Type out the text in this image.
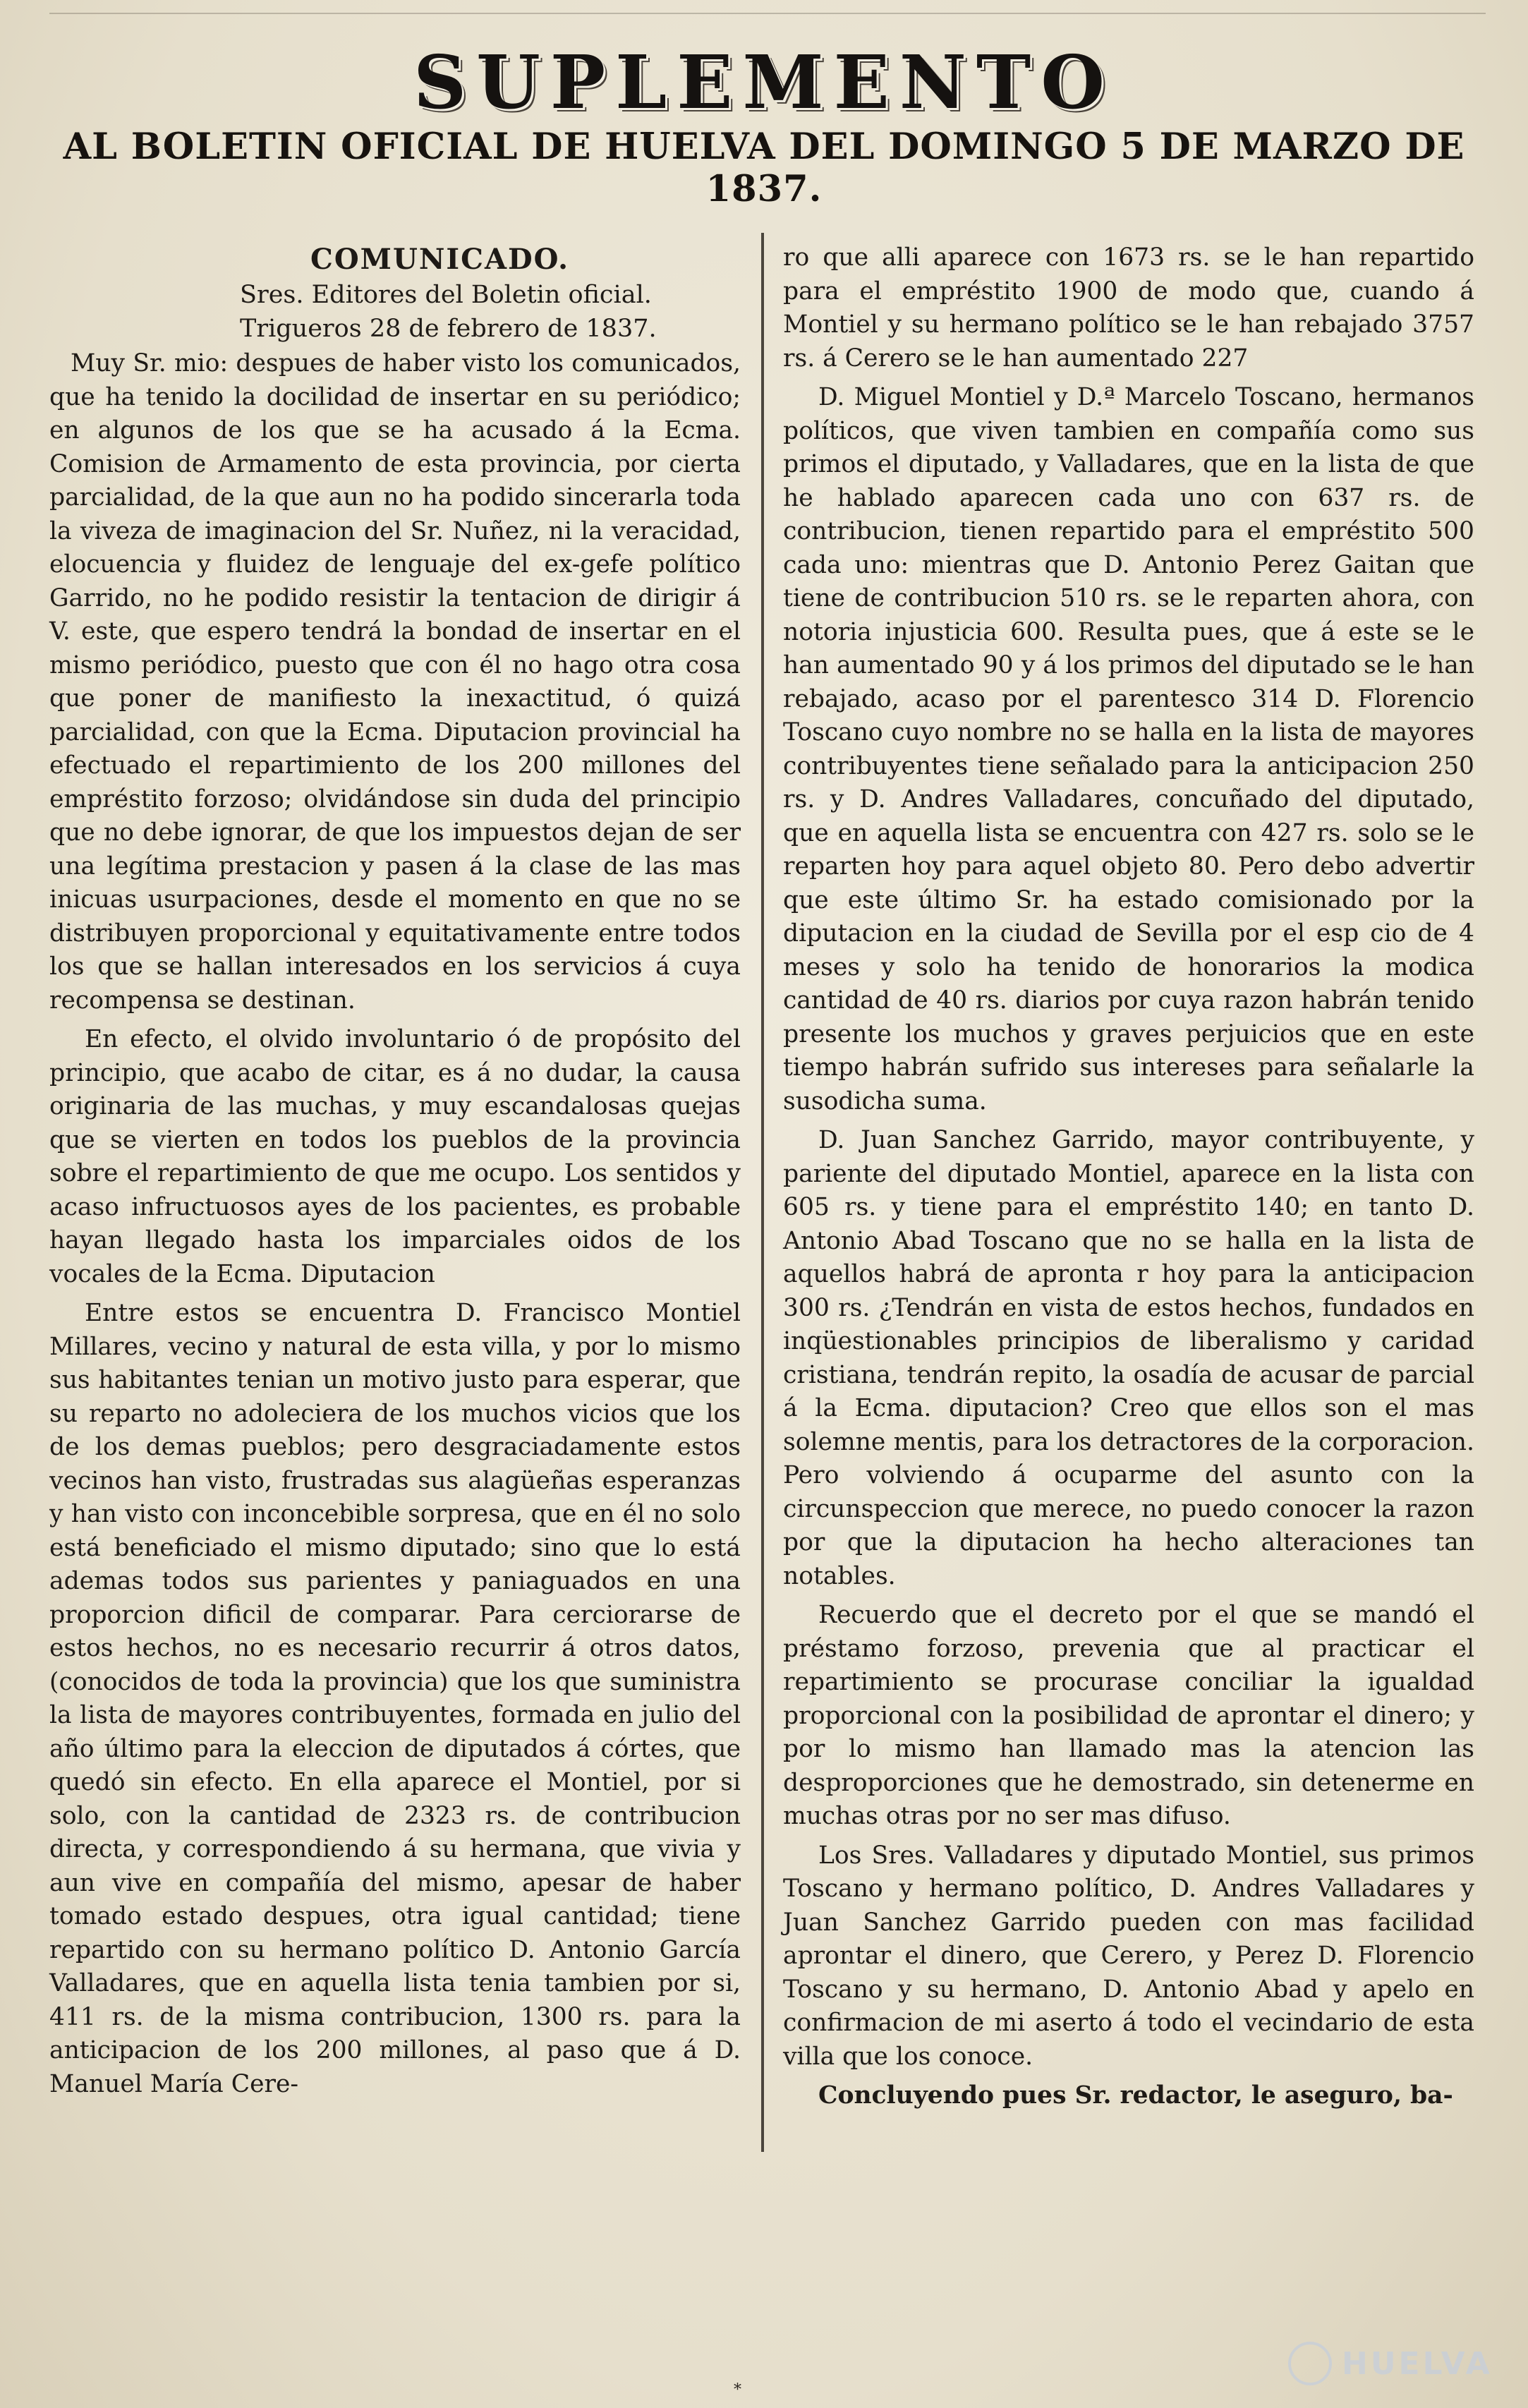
SUPLEMENTO
AL BOLETIN OFICIAL DE HUELVA DEL DOMINGO 5 DE MARZO DE 1837.
COMUNICADO.
Sres. Editores del Boletin oficial.
Trigueros 28 de febrero de 1837.

Muy Sr. mio: despues de haber visto los comunicados, que ha tenido la docilidad de insertar en su periódico; en algunos de los que se ha acusado á la Ecma. Comision de Armamento de esta provincia, por cierta parcialidad, de la que aun no ha podido sincerarla toda la viveza de imaginacion del Sr. Nuñez, ni la veracidad, elocuencia y fluidez de lenguaje del ex-gefe político Garrido, no he podido resistir la tentacion de dirigir á V. este, que espero tendrá la bondad de insertar en el mismo periódico, puesto que con él no hago otra cosa que poner de manifiesto la inexactitud, ó quizá parcialidad, con que la Ecma. Diputacion provincial ha efectuado el repartimiento de los 200 millones del empréstito forzoso; olvidándose sin duda del principio que no debe ignorar, de que los impuestos dejan de ser una legítima prestacion y pasen á la clase de las mas inicuas usurpaciones, desde el momento en que no se distribuyen proporcional y equitativamente entre todos los que se hallan interesados en los servicios á cuya recompensa se destinan.

En efecto, el olvido involuntario ó de propósito del principio, que acabo de citar, es á no dudar, la causa originaria de las muchas, y muy escandalosas quejas que se vierten en todos los pueblos de la provincia sobre el repartimiento de que me ocupo. Los sentidos y acaso infructuosos ayes de los pacientes, es probable hayan llegado hasta los imparciales oidos de los vocales de la Ecma. Diputacion

Entre estos se encuentra D. Francisco Montiel Millares, vecino y natural de esta villa, y por lo mismo sus habitantes tenian un motivo justo para esperar, que su reparto no adoleciera de los muchos vicios que los de los demas pueblos; pero desgraciadamente estos vecinos han visto, frustradas sus alagüeñas esperanzas y han visto con inconcebible sorpresa, que en él no solo está beneficiado el mismo diputado; sino que lo está ademas todos sus parientes y paniaguados en una proporcion dificil de comparar. Para cerciorarse de estos hechos, no es necesario recurrir á otros datos, (conocidos de toda la provincia) que los que suministra la lista de mayores contribuyentes, formada en julio del año último para la eleccion de diputados á córtes, que quedó sin efecto. En ella aparece el Montiel, por si solo, con la cantidad de 2323 rs. de contribucion directa, y correspondiendo á su hermana, que vivia y aun vive en compañía del mismo, apesar de haber tomado estado despues, otra igual cantidad; tiene repartido con su hermano político D. Antonio García Valladares, que en aquella lista tenia tambien por si, 411 rs. de la misma contribucion, 1300 rs. para la anticipacion de los 200 millones, al paso que á D. Manuel María Cere-

ro que alli aparece con 1673 rs. se le han repartido para el empréstito 1900 de modo que, cuando á Montiel y su hermano político se le han rebajado 3757 rs. á Cerero se le han aumentado 227

D. Miguel Montiel y D.ª Marcelo Toscano, hermanos políticos, que viven tambien en compañía como sus primos el diputado, y Valladares, que en la lista de que he hablado aparecen cada uno con 637 rs. de contribucion, tienen repartido para el empréstito 500 cada uno: mientras que D. Antonio Perez Gaitan que tiene de contribucion 510 rs. se le reparten ahora, con notoria injusticia 600. Resulta pues, que á este se le han aumentado 90 y á los primos del diputado se le han rebajado, acaso por el parentesco 314 D. Florencio Toscano cuyo nombre no se halla en la lista de mayores contribuyentes tiene señalado para la anticipacion 250 rs. y D. Andres Valladares, concuñado del diputado, que en aquella lista se encuentra con 427 rs. solo se le reparten hoy para aquel objeto 80. Pero debo advertir que este último Sr. ha estado comisionado por la diputacion en la ciudad de Sevilla por el esp cio de 4 meses y solo ha tenido de honorarios la modica cantidad de 40 rs. diarios por cuya razon habrán tenido presente los muchos y graves perjuicios que en este tiempo habrán sufrido sus intereses para señalarle la susodicha suma.

D. Juan Sanchez Garrido, mayor contribuyente, y pariente del diputado Montiel, aparece en la lista con 605 rs. y tiene para el empréstito 140; en tanto D. Antonio Abad Toscano que no se halla en la lista de aquellos habrá de apronta r hoy para la anticipacion 300 rs. ¿Tendrán en vista de estos hechos, fundados en inqüestionables principios de liberalismo y caridad cristiana, tendrán repito, la osadía de acusar de parcial á la Ecma. diputacion? Creo que ellos son el mas solemne mentis, para los detractores de la corporacion. Pero volviendo á ocuparme del asunto con la circunspeccion que merece, no puedo conocer la razon por que la diputacion ha hecho alteraciones tan notables.

Recuerdo que el decreto por el que se mandó el préstamo forzoso, prevenia que al practicar el repartimiento se procurase conciliar la igualdad proporcional con la posibilidad de aprontar el dinero; y por lo mismo han llamado mas la atencion las desproporciones que he demostrado, sin detenerme en muchas otras por no ser mas difuso.

Los Sres. Valladares y diputado Montiel, sus primos Toscano y hermano político, D. Andres Valladares y Juan Sanchez Garrido pueden con mas facilidad aprontar el dinero, que Cerero, y Perez D. Florencio Toscano y su hermano, D. Antonio Abad y apelo en confirmacion de mi aserto á todo el vecindario de esta villa que los conoce.

Concluyendo pues Sr. redactor, le aseguro, ba-

*
HUELVA
